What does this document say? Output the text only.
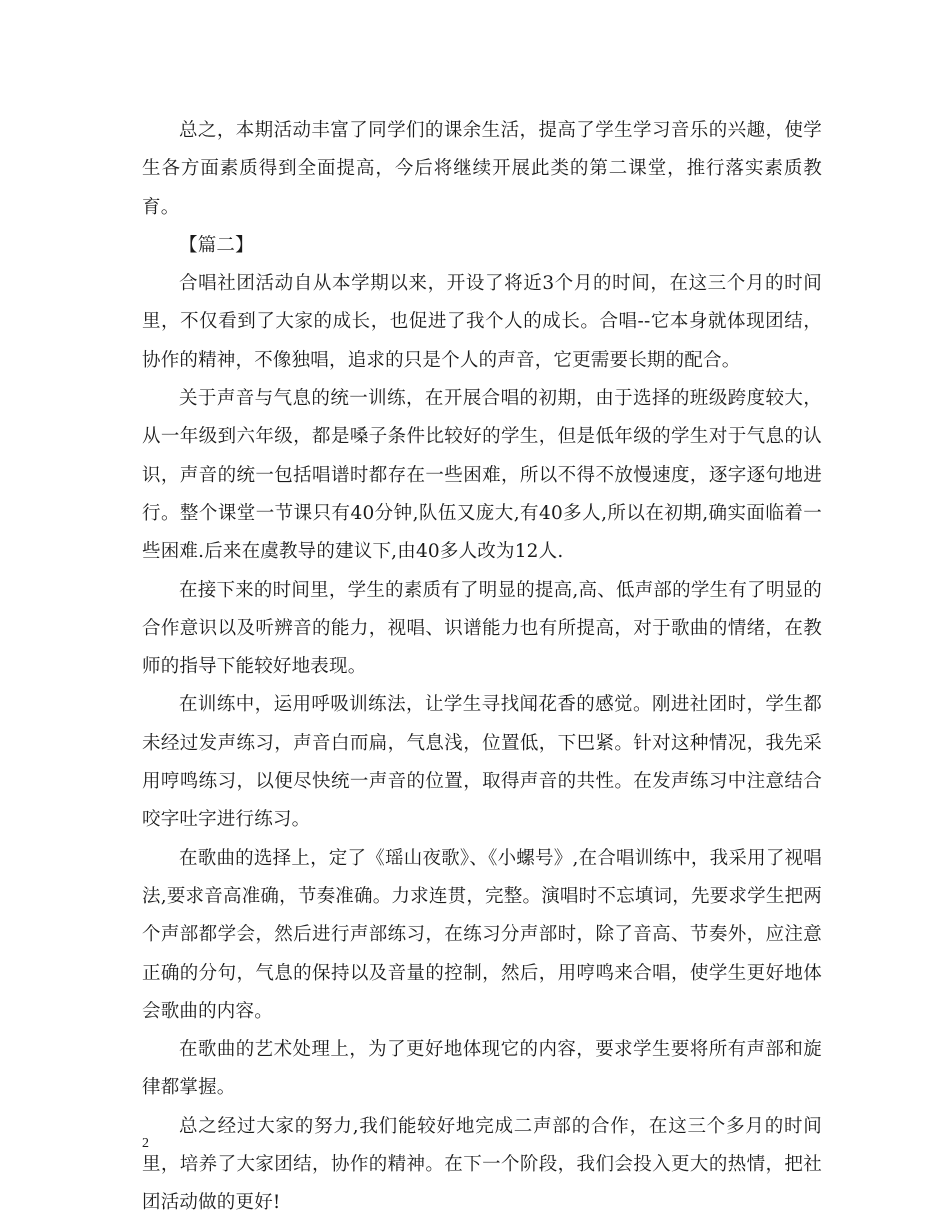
总之，本期活动丰富了同学们的课余生活，提高了学生学习音乐的兴趣，使学生各方面素质得到全面提高，今后将继续开展此类的第二课堂，推行落实素质教育。

【篇二】

合唱社团活动自从本学期以来，开设了将近3个月的时间，在这三个月的时间里，不仅看到了大家的成长，也促进了我个人的成长。合唱--它本身就体现团结，协作的精神，不像独唱，追求的只是个人的声音，它更需要长期的配合。

关于声音与气息的统一训练，在开展合唱的初期，由于选择的班级跨度较大，从一年级到六年级，都是嗓子条件比较好的学生，但是低年级的学生对于气息的认识，声音的统一包括唱谱时都存在一些困难，所以不得不放慢速度，逐字逐句地进行。整个课堂一节课只有40分钟,队伍又庞大,有40多人,所以在初期,确实面临着一些困难.后来在虞教导的建议下,由40多人改为12人.

在接下来的时间里，学生的素质有了明显的提高,高、低声部的学生有了明显的合作意识以及听辨音的能力，视唱、识谱能力也有所提高，对于歌曲的情绪，在教师的指导下能较好地表现。

在训练中，运用呼吸训练法，让学生寻找闻花香的感觉。刚进社团时，学生都未经过发声练习，声音白而扁，气息浅，位置低，下巴紧。针对这种情况，我先采用哼鸣练习，以便尽快统一声音的位置，取得声音的共性。在发声练习中注意结合咬字吐字进行练习。

在歌曲的选择上，定了《瑶山夜歌》、《小螺号》,在合唱训练中，我采用了视唱法,要求音高准确，节奏准确。力求连贯，完整。演唱时不忘填词，先要求学生把两个声部都学会，然后进行声部练习，在练习分声部时，除了音高、节奏外，应注意正确的分句，气息的保持以及音量的控制，然后，用哼鸣来合唱，使学生更好地体会歌曲的内容。

在歌曲的艺术处理上，为了更好地体现它的内容，要求学生要将所有声部和旋律都掌握。

总之经过大家的努力,我们能较好地完成二声部的合作，在这三个多月的时间里，培养了大家团结，协作的精神。在下一个阶段，我们会投入更大的热情，把社团活动做的更好!

2
